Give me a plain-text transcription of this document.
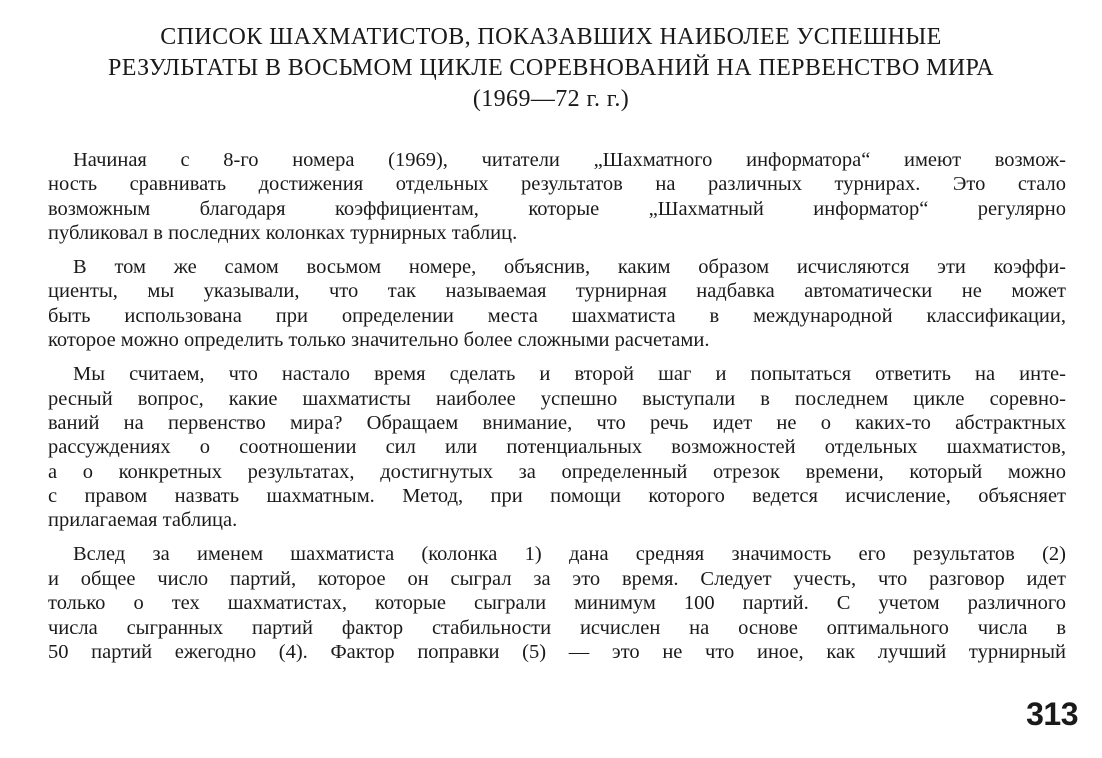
СПИСОК ШАХМАТИСТОВ, ПОКАЗАВШИХ НАИБОЛЕЕ УСПЕШНЫЕ
РЕЗУЛЬТАТЫ В ВОСЬМОМ ЦИКЛЕ СОРЕВНОВАНИЙ НА ПЕРВЕНСТВО МИРА
(1969—72 г. г.)

Начиная с 8-го номера (1969), читатели „Шахматного информатора“ имеют возмож-
ность сравнивать достижения отдельных результатов на различных турнирах. Это стало
возможным благодаря коэффициентам, которые „Шахматный информатор“ регулярно
публиковал в последних колонках турнирных таблиц.

В том же самом восьмом номере, объяснив, каким образом исчисляются эти коэффи-
циенты, мы указывали, что так называемая турнирная надбавка автоматически не может
быть использована при определении места шахматиста в международной классификации,
которое можно определить только значительно более сложными расчетами.

Мы считаем, что настало время сделать и второй шаг и попытаться ответить на инте-
ресный вопрос, какие шахматисты наиболее успешно выступали в последнем цикле соревно-
ваний на первенство мира? Обращаем внимание, что речь идет не о каких-то абстрактных
рассуждениях о соотношении сил или потенциальных возможностей отдельных шахматистов,
а о конкретных результатах, достигнутых за определенный отрезок времени, который можно
с правом назвать шахматным. Метод, при помощи которого ведется исчисление, объясняет
прилагаемая таблица.

Вслед за именем шахматиста (колонка 1) дана средняя значимость его результатов (2)
и общее число партий, которое он сыграл за это время. Следует учесть, что разговор идет
только о тех шахматистах, которые сыграли минимум 100 партий. С учетом различного
числа сыгранных партий фактор стабильности исчислен на основе оптимального числа в
50 партий ежегодно (4). Фактор поправки (5) — это не что иное, как лучший турнирный

313
